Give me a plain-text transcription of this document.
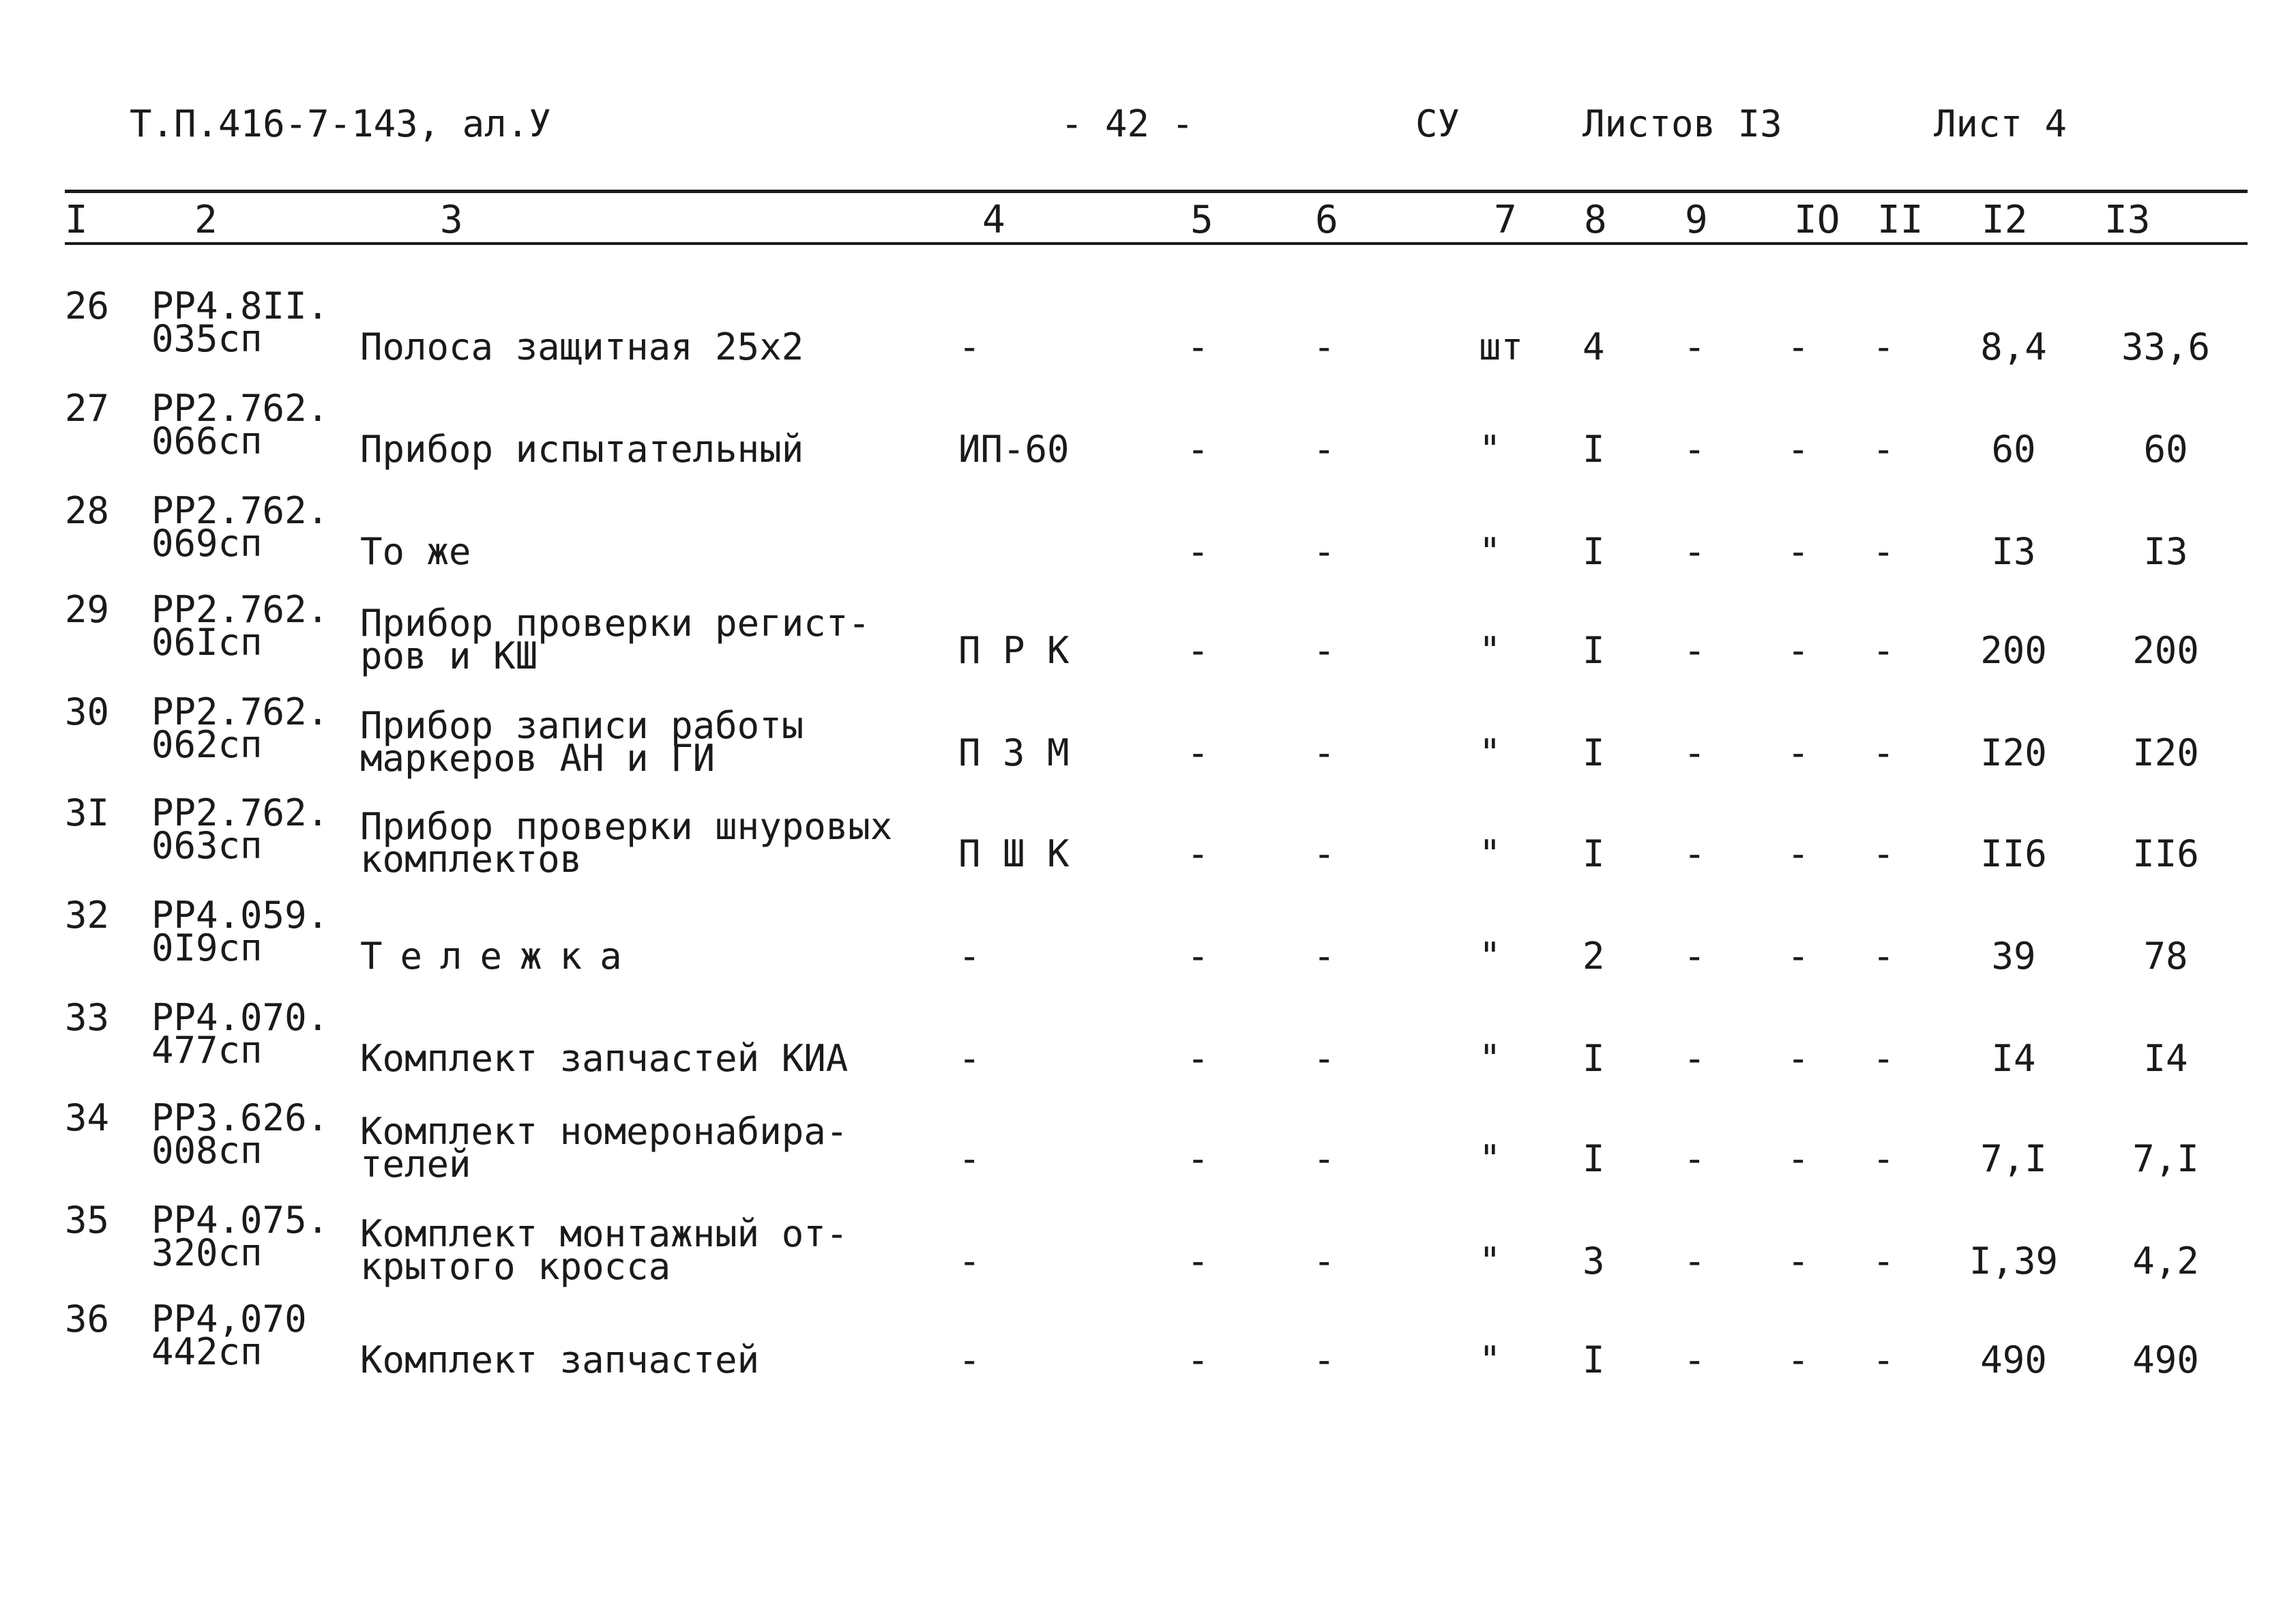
Т.П.416-7-143, ал.У	- 42 -	СУ	Листов I3	Лист 4
I	2	3	4	5	6	7 8 9 IO II I2 I3
26 РР4.8II.
035сп	Полоса защитная 25х2	-	-	-	шт 4 - - -	8,4	33,6
27 РР2.762.
066сп	Прибор испытательный	ИП-60	-	-	" I - - -	60	60
28 РР2.762.
069сп	То же	-	-	" I - - -	I3	I3
29 РР2.762.
06Iсп	Прибор проверки регист-
ров и КШ	П Р К	-	-	" I - - -	200	200
30 РР2.762.
062сп	Прибор записи работы
маркеров АН и ГИ	П З М	-	-	" I - - -	I20	I20
3I РР2.762.
063сп	Прибор проверки шнуровых
комплектов	П Ш К	-	-	" I - - -	II6	II6
32 РР4.059.
0I9сп	Тележка	-	-	-	" 2 - - -	39	78
33 РР4.070.
477сп	Комплект запчастей КИА	-	-	-	" I - - -	I4	I4
34 РР3.626.
008сп	Комплект номеронабира-
телей	-	-	-	" I - - -	7,I	7,I
35 РР4.075.
320сп	Комплект монтажный от-
крытого кросса	-	-	-	" 3 - - -	I,39	4,2
36 РР4,070
442сп	Комплект запчастей	-	-	-	" I - - -	490	490
